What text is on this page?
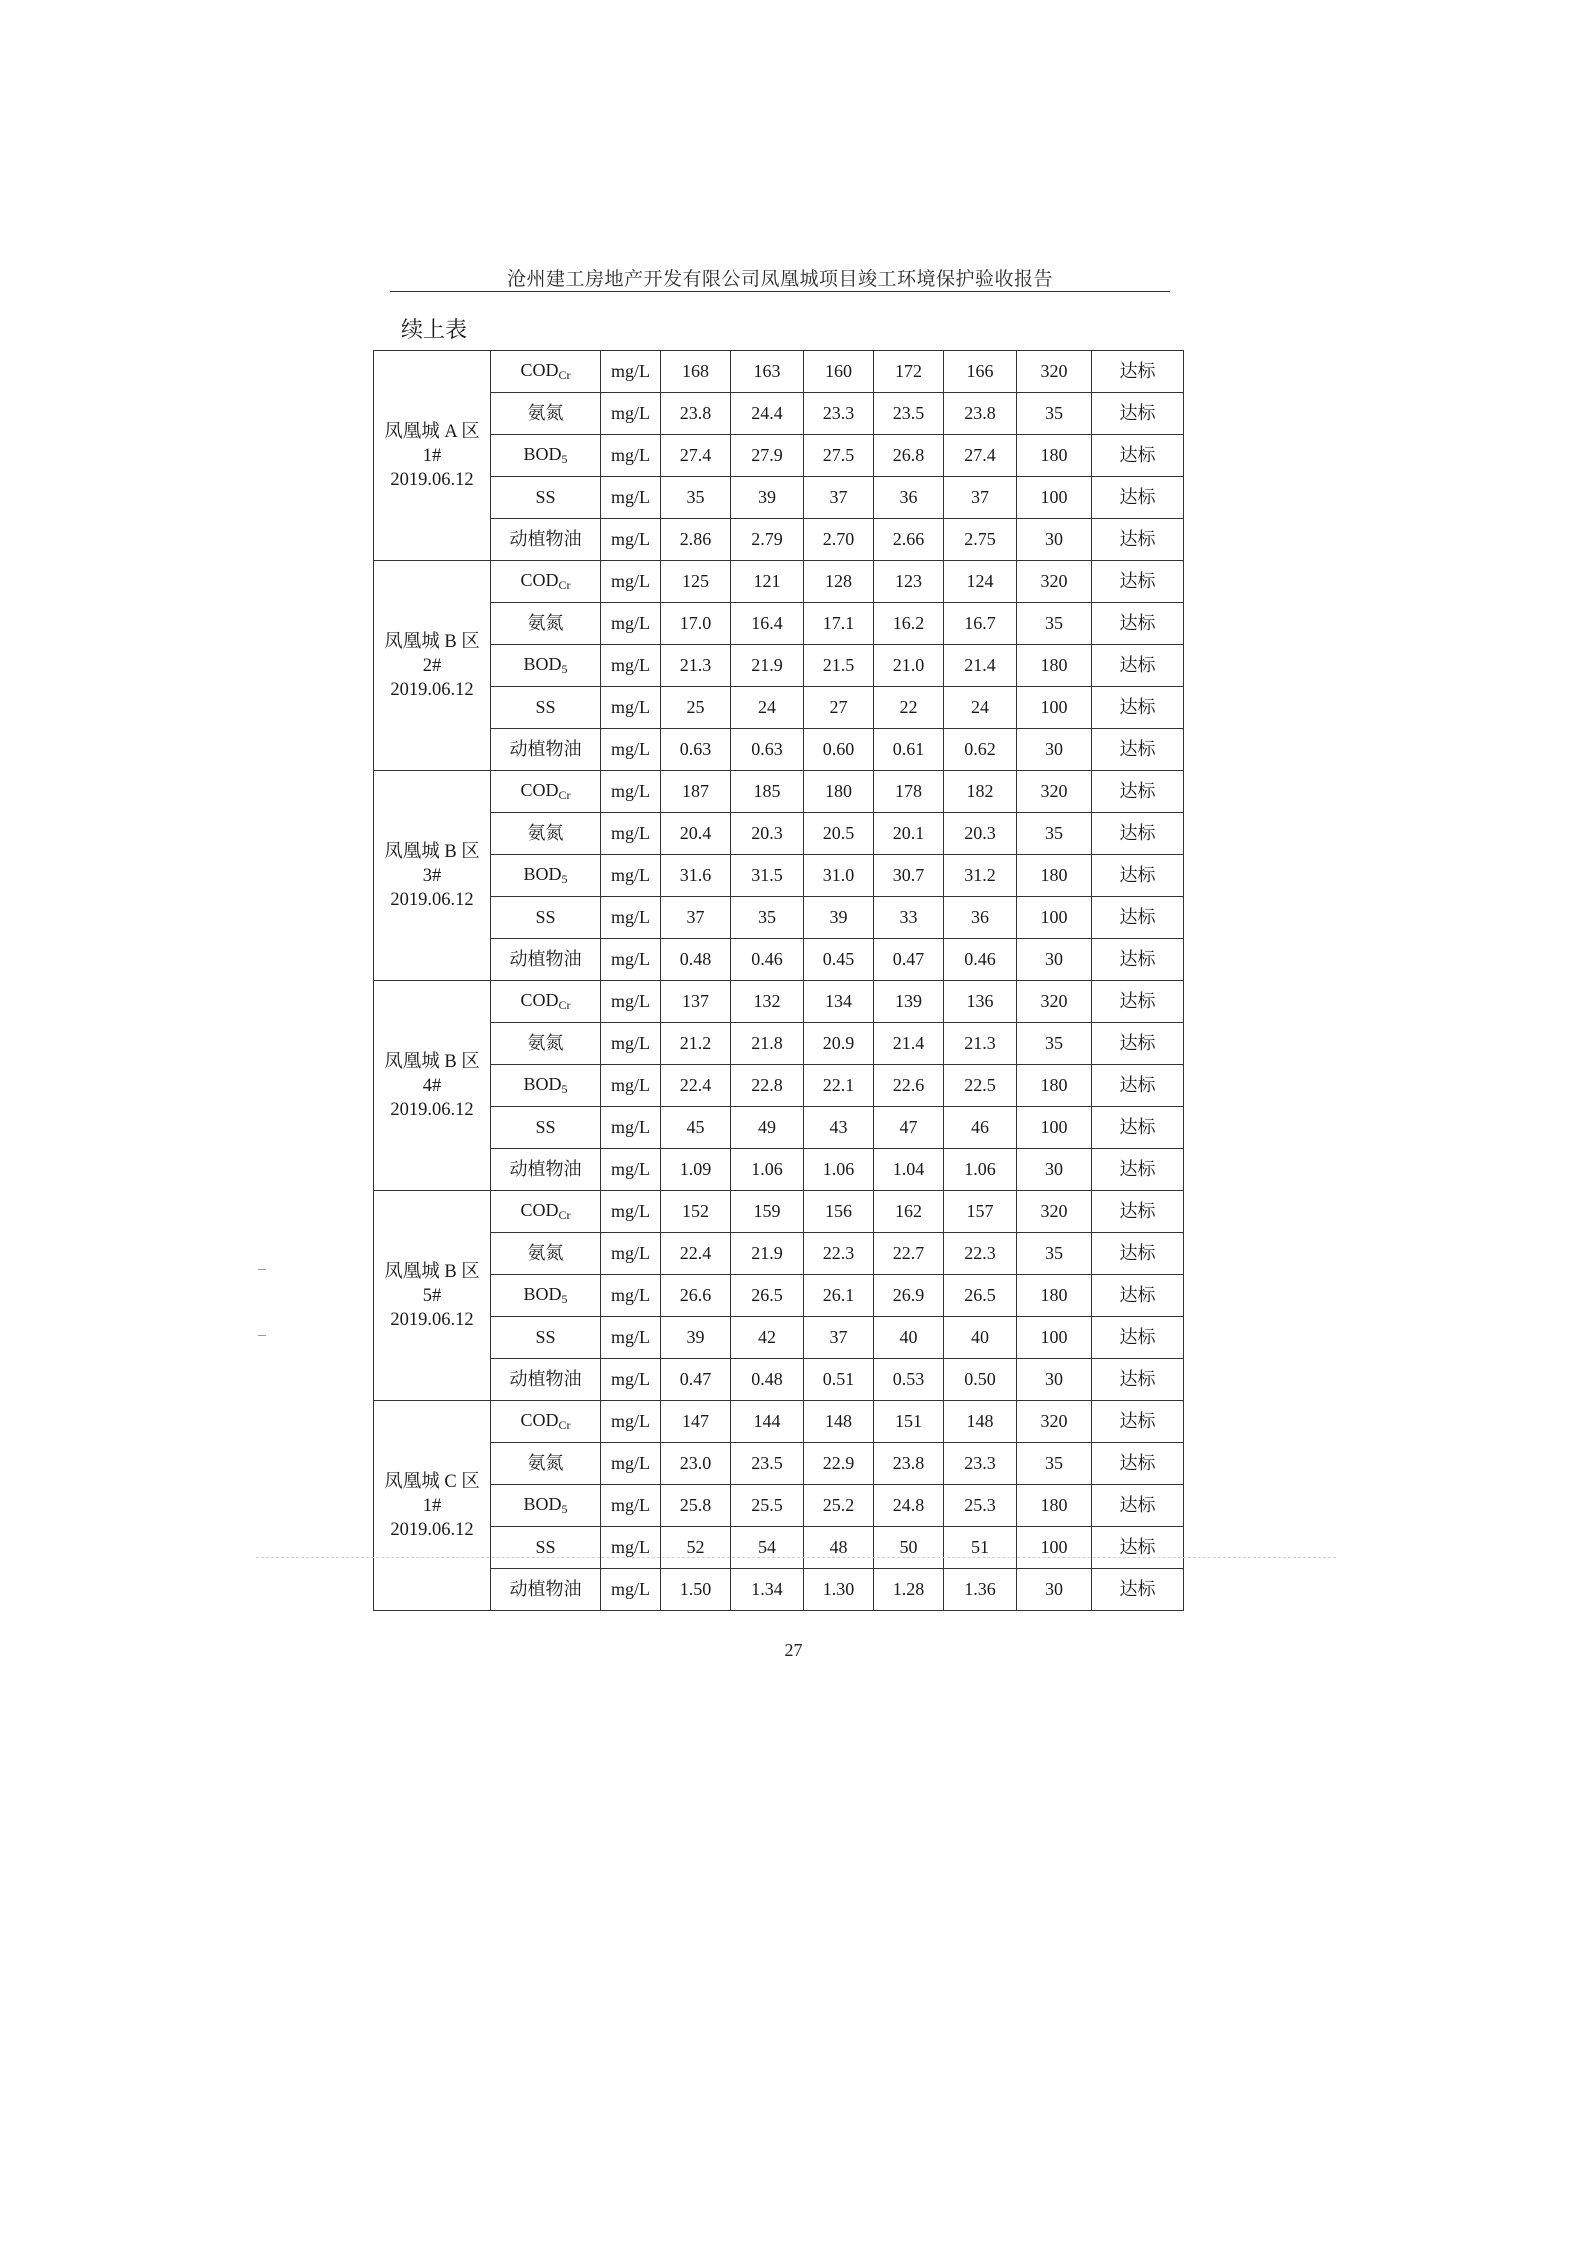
沧州建工房地产开发有限公司凤凰城项目竣工环境保护验收报告
续上表
凤凰城 A 区
1#
2019.06.12	$COD_{Cr}$	mg/L	168	163	160	172	166	320	达标
	氨氮	mg/L	23.8	24.4	23.3	23.5	23.8	35	达标
	$BOD_5$	mg/L	27.4	27.9	27.5	26.8	27.4	180	达标
	SS	mg/L	35	39	37	36	37	100	达标
	动植物油	mg/L	2.86	2.79	2.70	2.66	2.75	30	达标

凤凰城 B 区
2#
2019.06.12	$COD_{Cr}$	mg/L	125	121	128	123	124	320	达标
	氨氮	mg/L	17.0	16.4	17.1	16.2	16.7	35	达标
	$BOD_5$	mg/L	21.3	21.9	21.5	21.0	21.4	180	达标
	SS	mg/L	25	24	27	22	24	100	达标
	动植物油	mg/L	0.63	0.63	0.60	0.61	0.62	30	达标

凤凰城 B 区
3#
2019.06.12	$COD_{Cr}$	mg/L	187	185	180	178	182	320	达标
	氨氮	mg/L	20.4	20.3	20.5	20.1	20.3	35	达标
	$BOD_5$	mg/L	31.6	31.5	31.0	30.7	31.2	180	达标
	SS	mg/L	37	35	39	33	36	100	达标
	动植物油	mg/L	0.48	0.46	0.45	0.47	0.46	30	达标

凤凰城 B 区
4#
2019.06.12	$COD_{Cr}$	mg/L	137	132	134	139	136	320	达标
	氨氮	mg/L	21.2	21.8	20.9	21.4	21.3	35	达标
	$BOD_5$	mg/L	22.4	22.8	22.1	22.6	22.5	180	达标
	SS	mg/L	45	49	43	47	46	100	达标
	动植物油	mg/L	1.09	1.06	1.06	1.04	1.06	30	达标

凤凰城 B 区
5#
2019.06.12	$COD_{Cr}$	mg/L	152	159	156	162	157	320	达标
	氨氮	mg/L	22.4	21.9	22.3	22.7	22.3	35	达标
	$BOD_5$	mg/L	26.6	26.5	26.1	26.9	26.5	180	达标
	SS	mg/L	39	42	37	40	40	100	达标
	动植物油	mg/L	0.47	0.48	0.51	0.53	0.50	30	达标

凤凰城 C 区
1#
2019.06.12	$COD_{Cr}$	mg/L	147	144	148	151	148	320	达标
	氨氮	mg/L	23.0	23.5	22.9	23.8	23.3	35	达标
	$BOD_5$	mg/L	25.8	25.5	25.2	24.8	25.3	180	达标
	SS	mg/L	52	54	48	50	51	100	达标
	动植物油	mg/L	1.50	1.34	1.30	1.28	1.36	30	达标
27
